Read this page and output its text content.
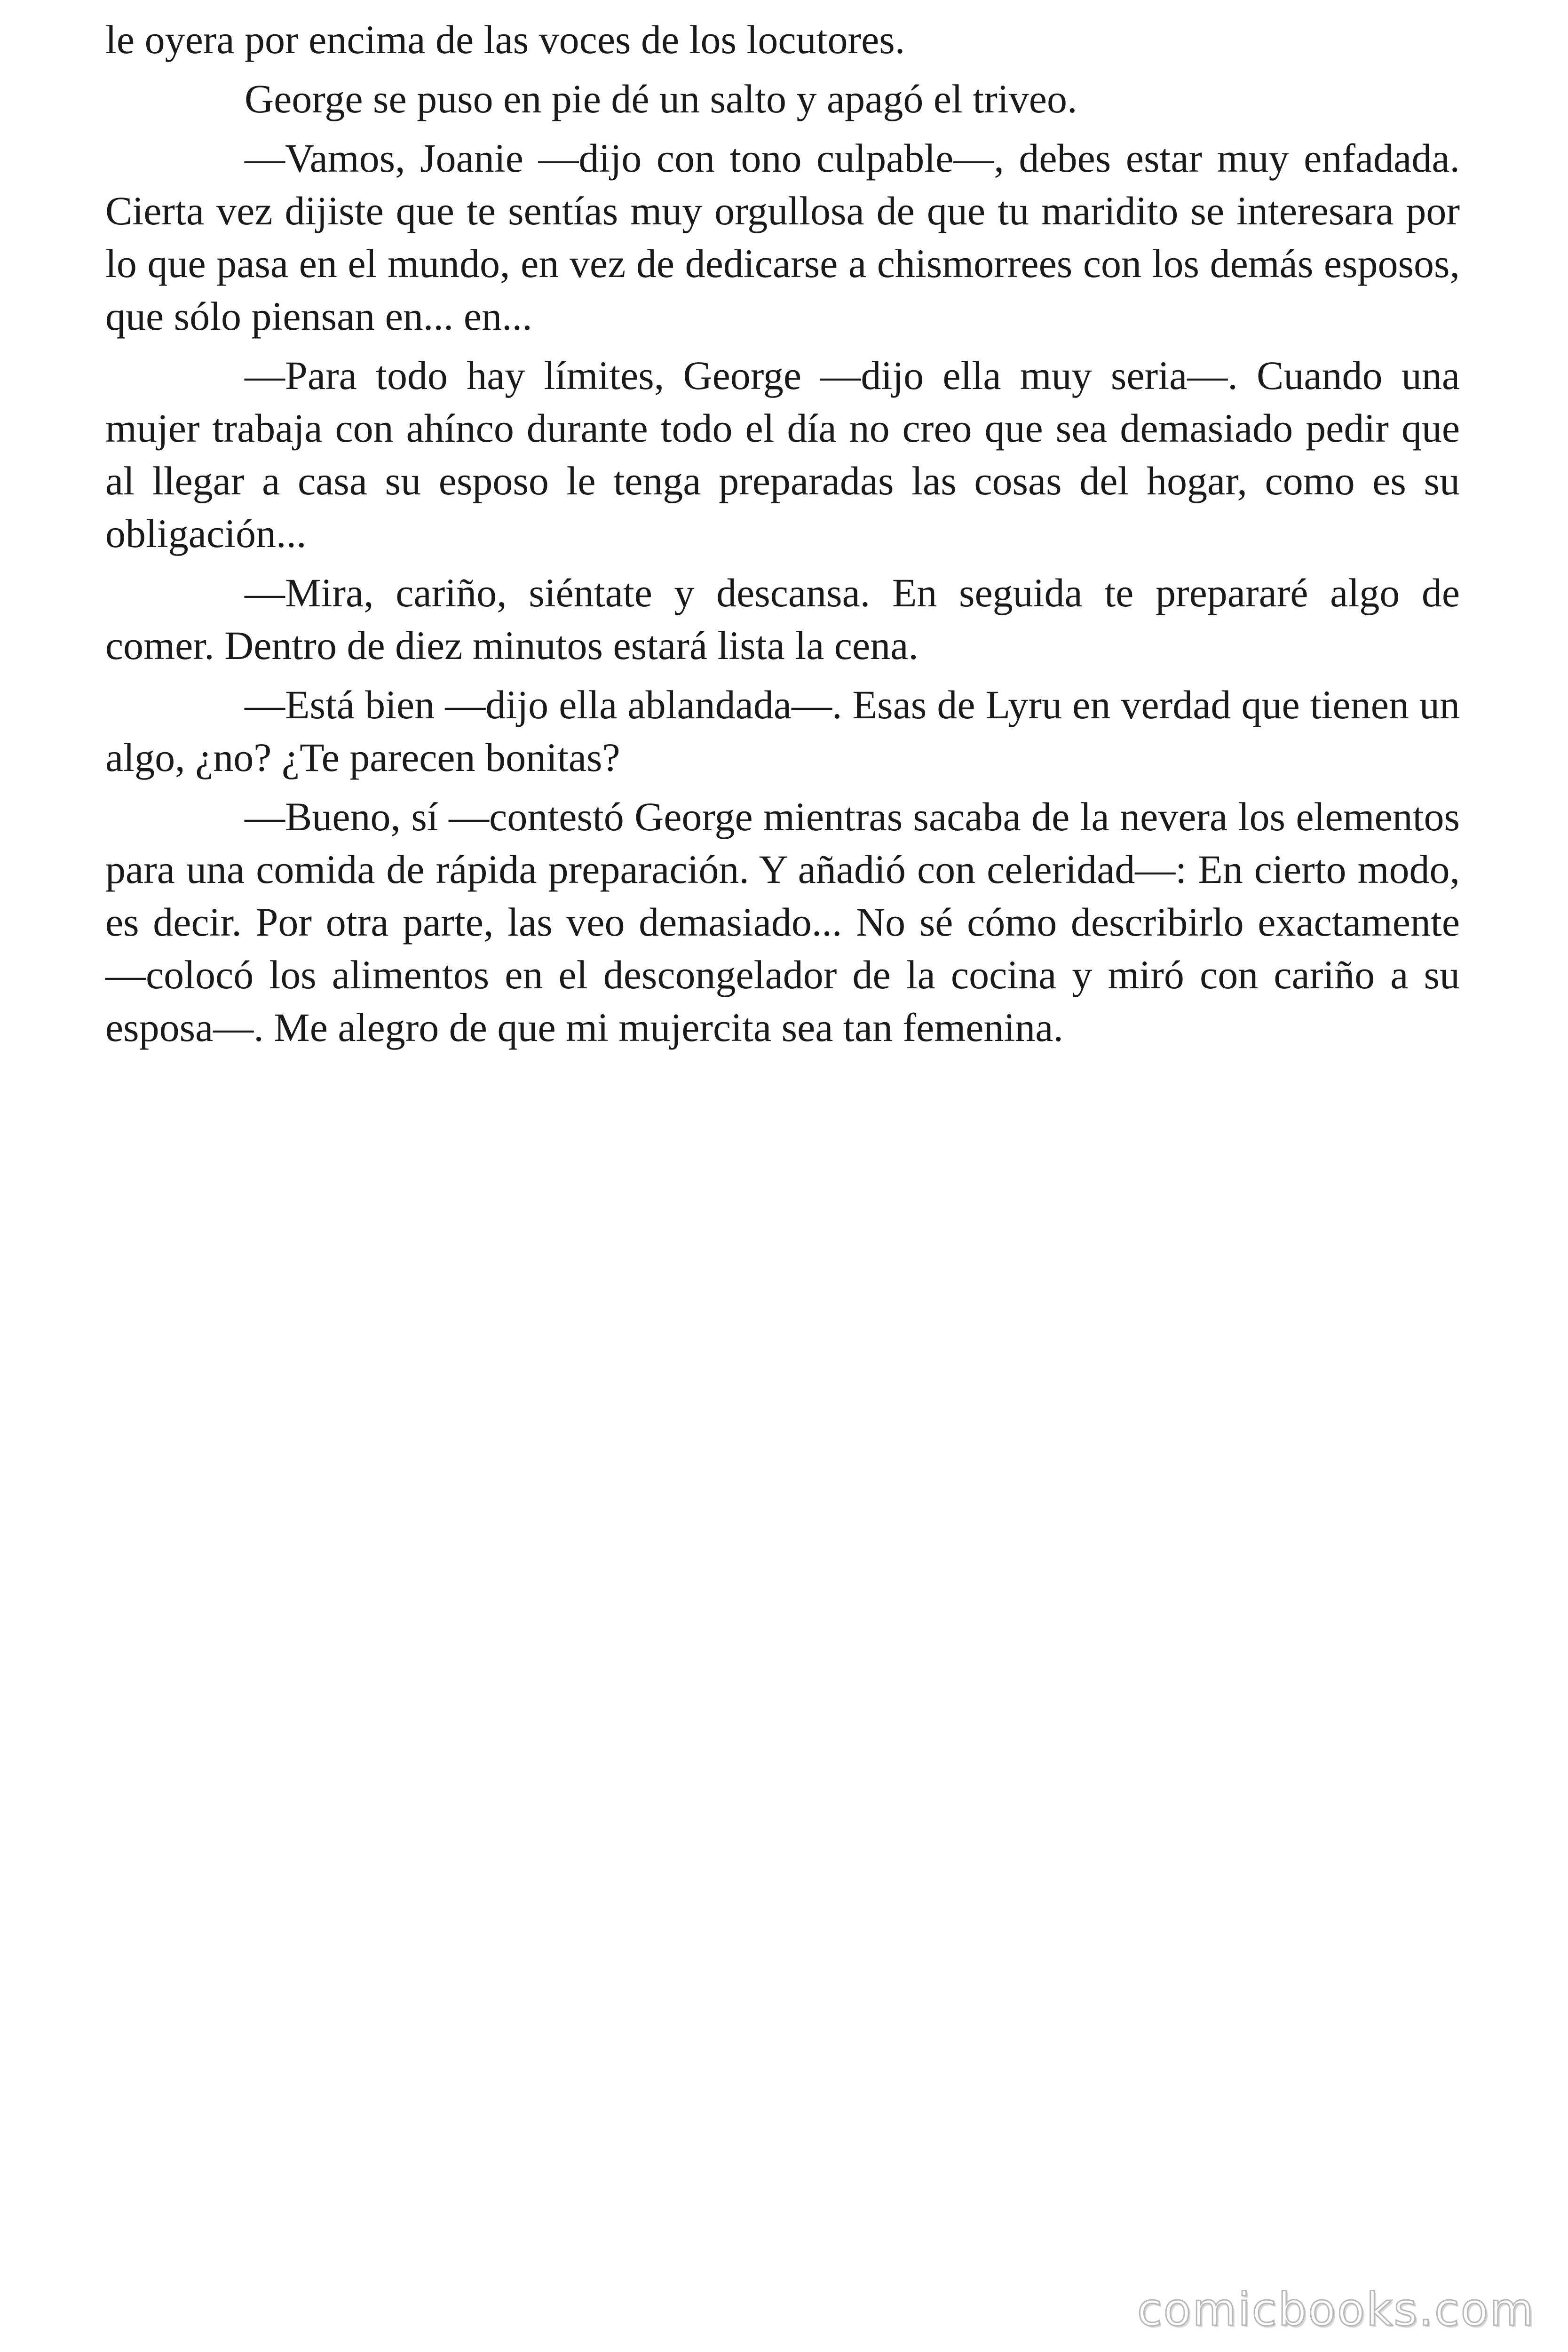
le oyera por encima de las voces de los locutores.

George se puso en pie dé un salto y apagó el triveo.

—Vamos, Joanie —dijo con tono culpable—, debes estar muy enfadada. Cierta vez dijiste que te sentías muy orgullosa de que tu maridito se interesara por lo que pasa en el mundo, en vez de dedicarse a chismorrees con los demás esposos, que sólo piensan en... en...

—Para todo hay límites, George —dijo ella muy seria—. Cuando una mujer trabaja con ahínco durante todo el día no creo que sea demasiado pedir que al llegar a casa su esposo le tenga preparadas las cosas del hogar, como es su obligación...

—Mira, cariño, siéntate y descansa. En seguida te prepararé algo de comer. Dentro de diez minutos estará lista la cena.

—Está bien —dijo ella ablandada—. Esas de Lyru en verdad que tienen un algo, ¿no? ¿Te parecen bonitas?

—Bueno, sí —contestó George mientras sacaba de la nevera los elementos para una comida de rápida preparación. Y añadió con celeridad—: En cierto modo, es decir. Por otra parte, las veo demasiado... No sé cómo describirlo exactamente —colocó los alimentos en el descongelador de la cocina y miró con cariño a su esposa—. Me alegro de que mi mujercita sea tan femenina.

comicbooks.com
